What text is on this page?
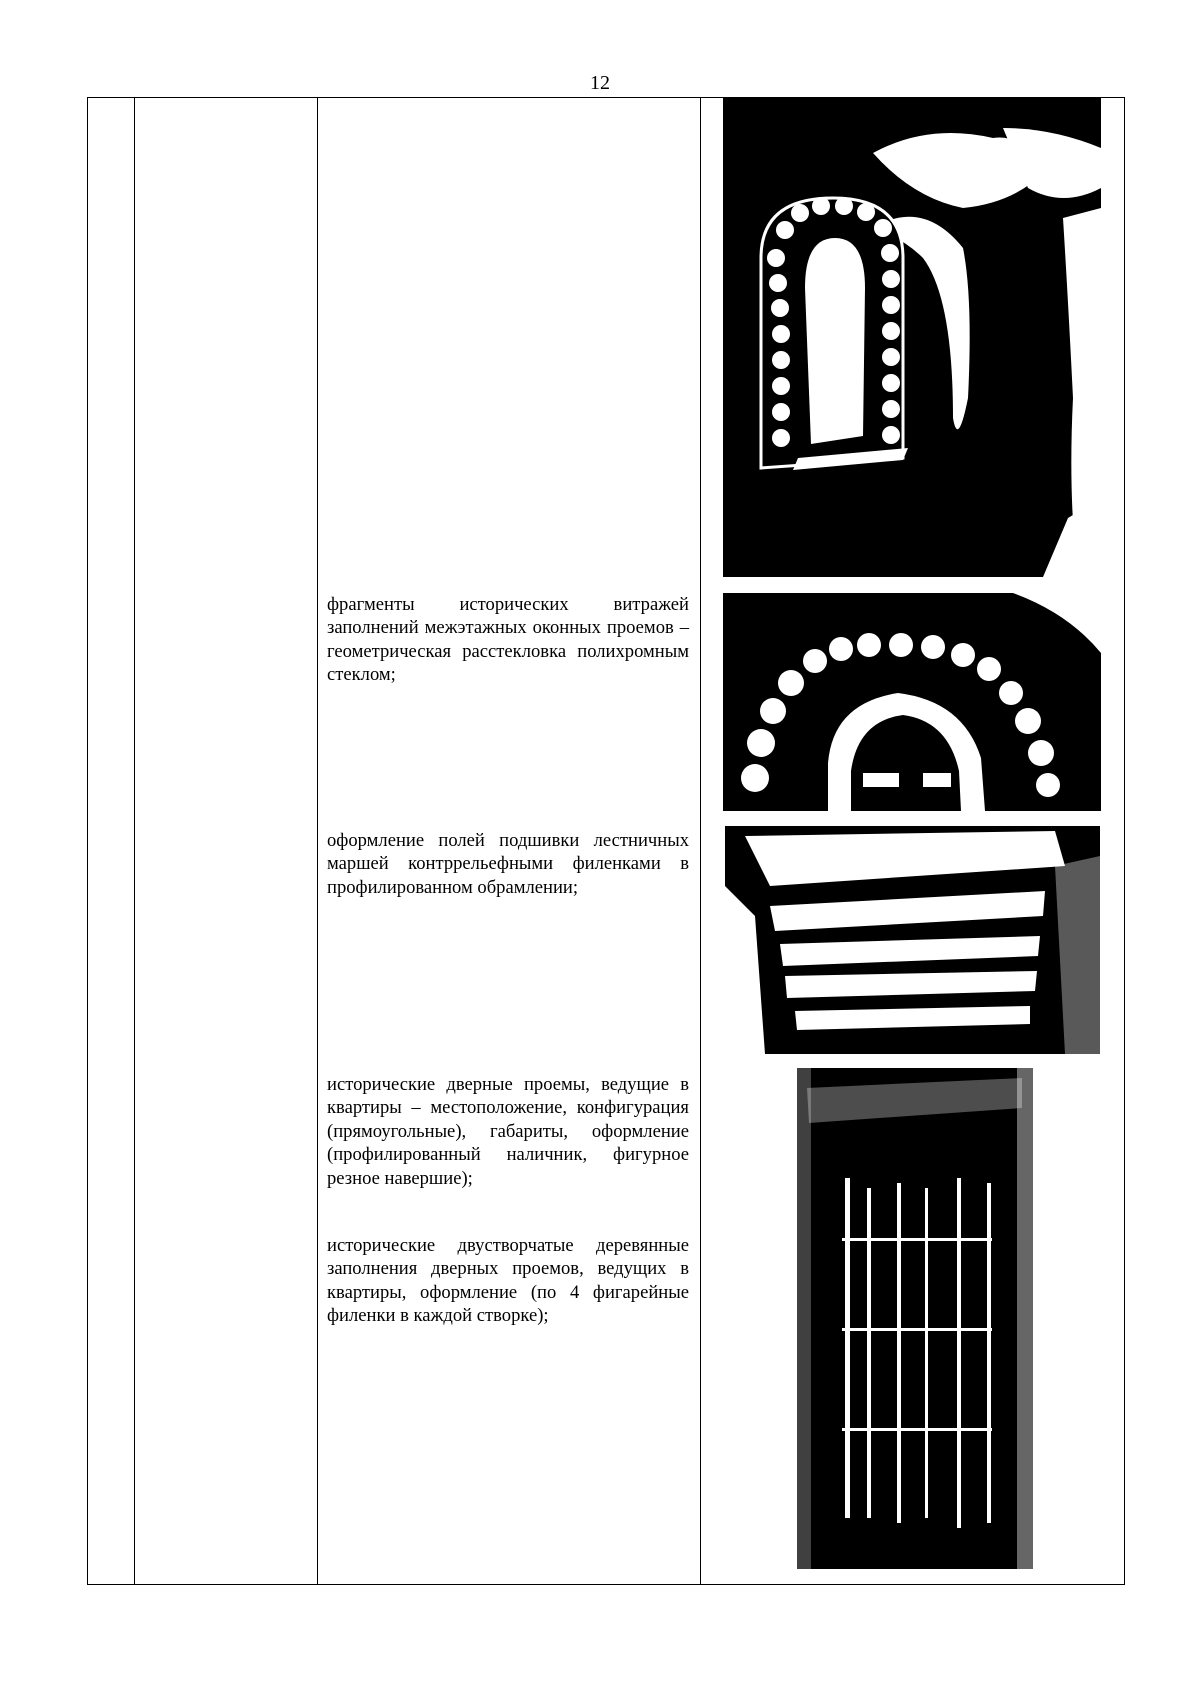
12

фрагменты исторических витражей заполнений межэтажных оконных проемов – геометрическая расстекловка полихромным стеклом;

оформление полей подшивки лестничных маршей контррельефными филенками в профилированном обрамлении;

исторические дверные проемы, ведущие в квартиры – местоположение, конфигурация (прямоугольные), габариты, оформление (профилированный наличник, фигурное резное навершие);

исторические двустворчатые деревянные заполнения дверных проемов, ведущих в квартиры, оформление (по 4 фигарейные филенки в каждой створке);
